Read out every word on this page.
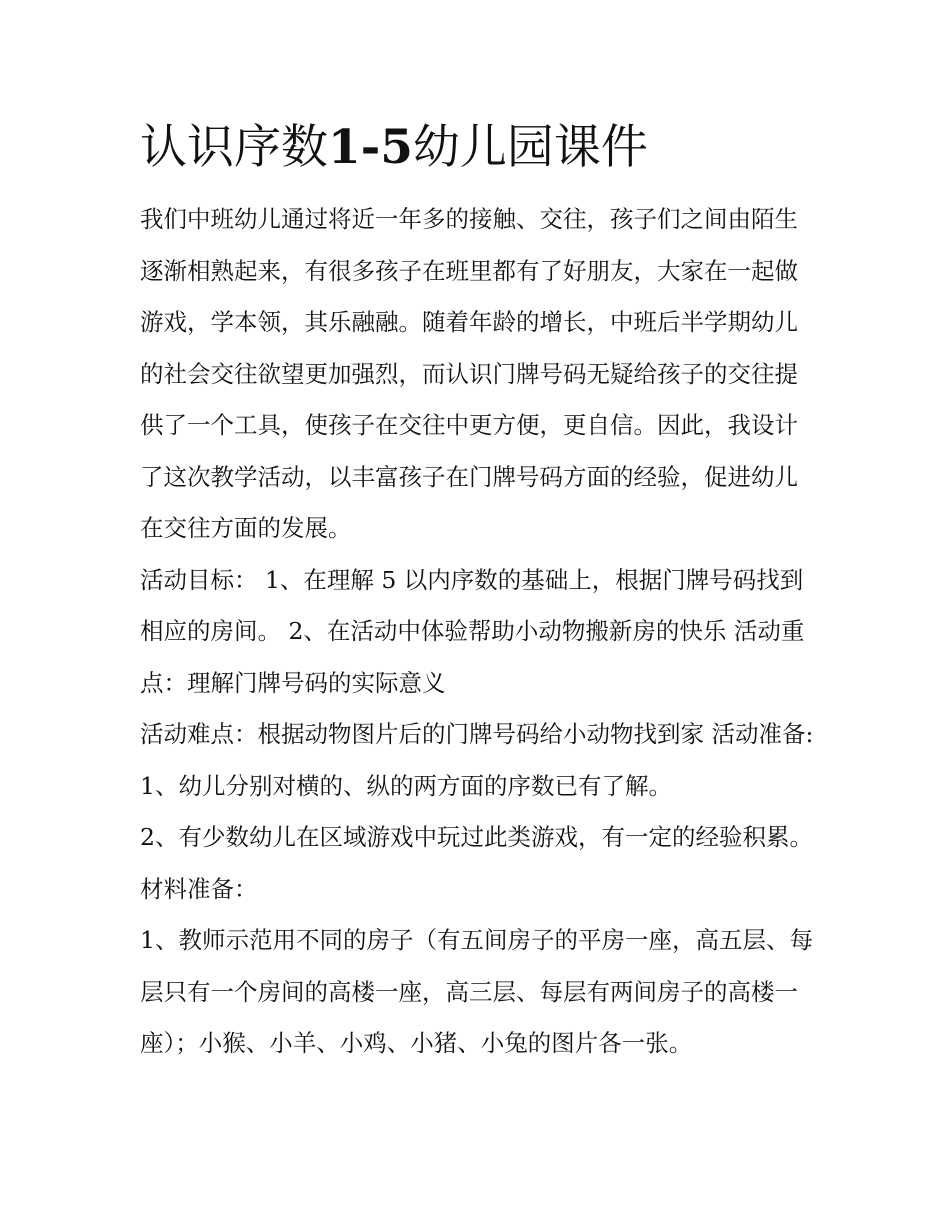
认识序数1-5幼儿园课件

我们中班幼儿通过将近一年多的接触、交往，孩子们之间由陌生逐渐相熟起来，有很多孩子在班里都有了好朋友，大家在一起做游戏，学本领，其乐融融。随着年龄的增长，中班后半学期幼儿的社会交往欲望更加强烈，而认识门牌号码无疑给孩子的交往提供了一个工具，使孩子在交往中更方便，更自信。因此，我设计了这次教学活动，以丰富孩子在门牌号码方面的经验，促进幼儿在交往方面的发展。

活动目标： 1、在理解 5 以内序数的基础上，根据门牌号码找到相应的房间。 2、在活动中体验帮助小动物搬新房的快乐 活动重点：理解门牌号码的实际意义

活动难点：根据动物图片后的门牌号码给小动物找到家 活动准备:1、幼儿分别对横的、纵的两方面的序数已有了解。

2、有少数幼儿在区域游戏中玩过此类游戏，有一定的经验积累。 材料准备：

1、教师示范用不同的房子（有五间房子的平房一座，高五层、每层只有一个房间的高楼一座，高三层、每层有两间房子的高楼一座）；小猴、小羊、小鸡、小猪、小兔的图片各一张。
